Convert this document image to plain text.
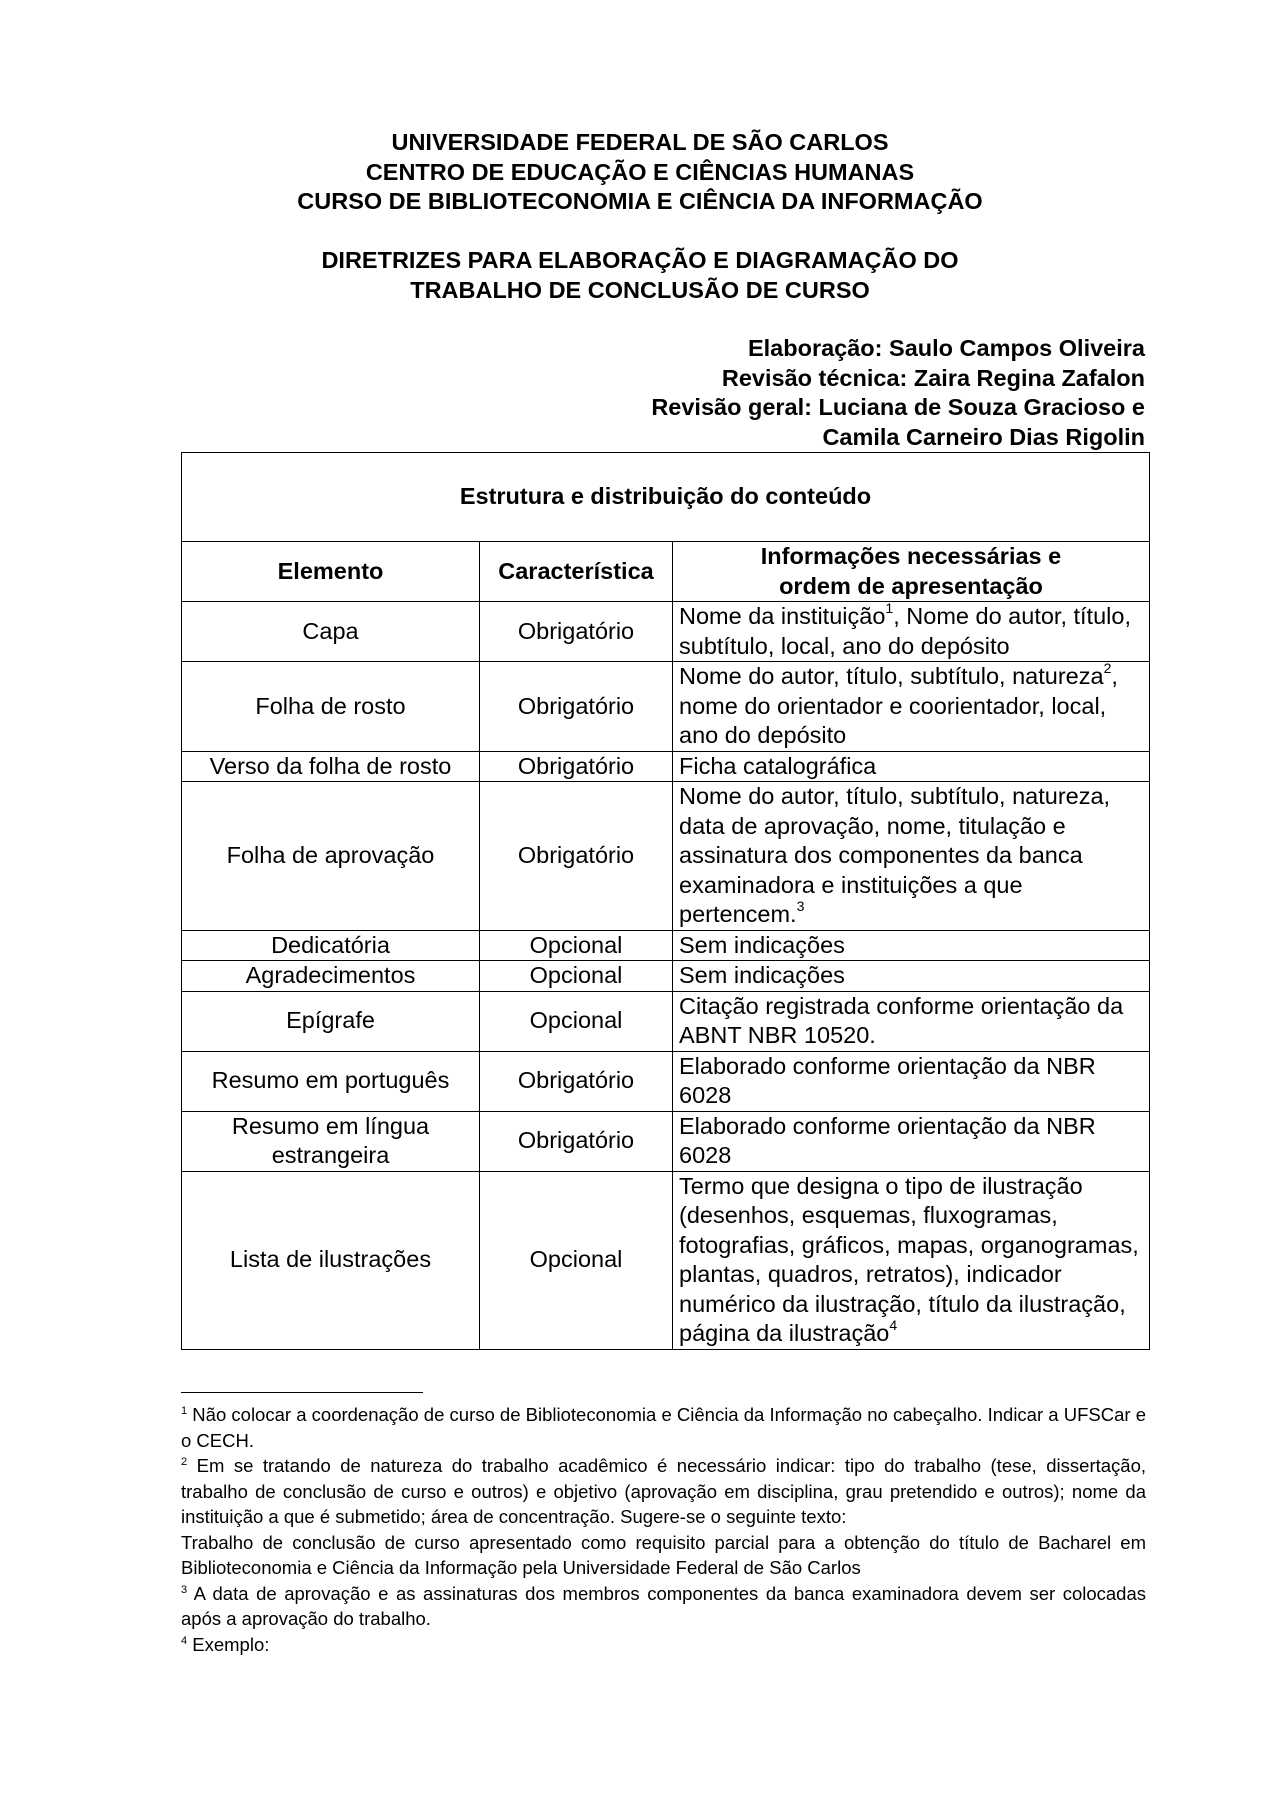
UNIVERSIDADE FEDERAL DE SÃO CARLOS
CENTRO DE EDUCAÇÃO E CIÊNCIAS HUMANAS
CURSO DE BIBLIOTECONOMIA E CIÊNCIA DA INFORMAÇÃO
DIRETRIZES PARA ELABORAÇÃO E DIAGRAMAÇÃO DO
TRABALHO DE CONCLUSÃO DE CURSO
Elaboração: Saulo Campos Oliveira
Revisão técnica: Zaira Regina Zafalon
Revisão geral: Luciana de Souza Gracioso e
Camila Carneiro Dias Rigolin
Estrutura e distribuição do conteúdo		
Elemento	Característica	Informações necessárias e
ordem de apresentação

Capa	Obrigatório	Nome da instituição$^1$, Nome do autor, título, subtítulo, local, ano do depósito
Folha de rosto	Obrigatório	Nome do autor, título, subtítulo, natureza$^2$, nome do orientador e coorientador, local, ano do depósito
Verso da folha de rosto	Obrigatório	Ficha catalográfica
Folha de aprovação	Obrigatório	Nome do autor, título, subtítulo, natureza, data de aprovação, nome, titulação e assinatura dos componentes da banca examinadora e instituições a que pertencem.$^3$
Dedicatória	Opcional	Sem indicações
Agradecimentos	Opcional	Sem indicações
Epígrafe	Opcional	Citação registrada conforme orientação da ABNT NBR 10520.
Resumo em português	Obrigatório	Elaborado conforme orientação da NBR 6028
Resumo em língua estrangeira	Obrigatório	Elaborado conforme orientação da NBR 6028
Lista de ilustrações	Opcional	Termo que designa o tipo de ilustração (desenhos, esquemas, fluxogramas, fotografias, gráficos, mapas, organogramas, plantas, quadros, retratos), indicador numérico da ilustração, título da ilustração, página da ilustração$^4$

$^1$ Não colocar a coordenação de curso de Biblioteconomia e Ciência da Informação no cabeçalho. Indicar a UFSCar e o CECH.

$^2$ Em se tratando de natureza do trabalho acadêmico é necessário indicar: tipo do trabalho (tese, dissertação, trabalho de conclusão de curso e outros) e objetivo (aprovação em disciplina, grau pretendido e outros); nome da instituição a que é submetido; área de concentração. Sugere-se o seguinte texto:

Trabalho de conclusão de curso apresentado como requisito parcial para a obtenção do título de Bacharel em Biblioteconomia e Ciência da Informação pela Universidade Federal de São Carlos

$^3$ A data de aprovação e as assinaturas dos membros componentes da banca examinadora devem ser colocadas após a aprovação do trabalho.

$^4$ Exemplo:
